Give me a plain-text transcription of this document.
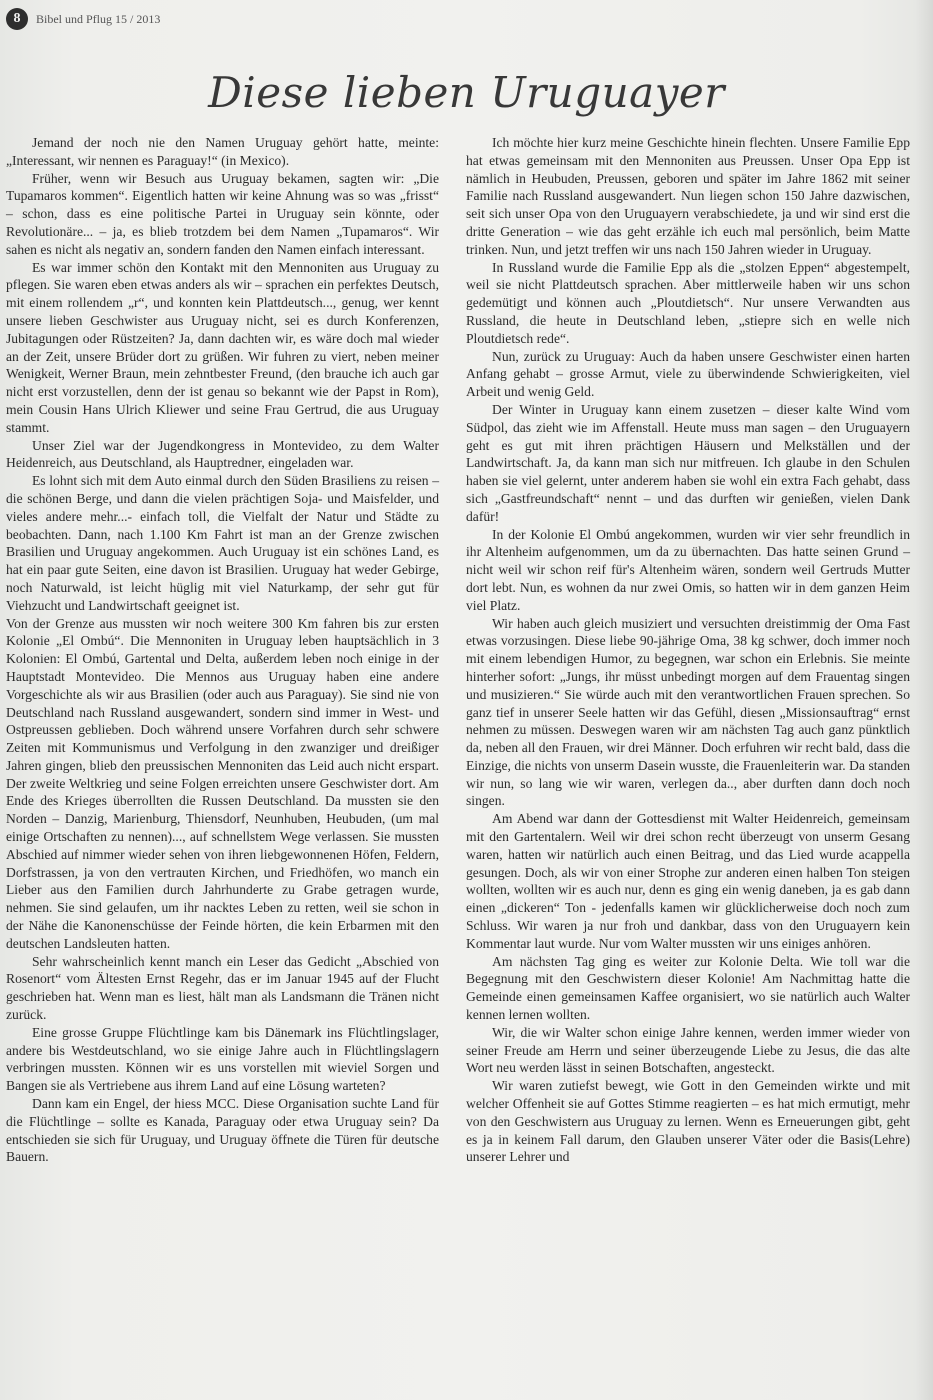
8	Bibel und Pflug 15 / 2013
Diese lieben Uruguayer

Jemand der noch nie den Namen Uruguay gehört hatte, meinte: „Interessant, wir nennen es Paraguay!“ (in Mexico).

Früher, wenn wir Besuch aus Uruguay bekamen, sagten wir: „Die Tupamaros kommen“. Eigentlich hatten wir keine Ahnung was so was „frisst“ – schon, dass es eine politische Partei in Uruguay sein könnte, oder Revolutionäre... – ja, es blieb trotzdem bei dem Namen „Tupamaros“. Wir sahen es nicht als negativ an, sondern fanden den Namen einfach interessant.

Es war immer schön den Kontakt mit den Mennoniten aus Uruguay zu pflegen. Sie waren eben etwas anders als wir – sprachen ein perfektes Deutsch, mit einem rollendem „r“, und konnten kein Plattdeutsch..., genug, wer kennt unsere lieben Geschwister aus Uruguay nicht, sei es durch Konferenzen, Jubitagungen oder Rüstzeiten? Ja, dann dachten wir, es wäre doch mal wieder an der Zeit, unsere Brüder dort zu grüßen. Wir fuhren zu viert, neben meiner Wenigkeit, Werner Braun, mein zehntbester Freund, (den brauche ich auch gar nicht erst vorzustellen, denn der ist genau so bekannt wie der Papst in Rom), mein Cousin Hans Ulrich Kliewer und seine Frau Gertrud, die aus Uruguay stammt.

Unser Ziel war der Jugendkongress in Montevideo, zu dem Walter Heidenreich, aus Deutschland, als Hauptredner, eingeladen war.

Es lohnt sich mit dem Auto einmal durch den Süden Brasiliens zu reisen – die schönen Berge, und dann die vielen prächtigen Soja- und Maisfelder, und vieles andere mehr...- einfach toll, die Vielfalt der Natur und Städte zu beobachten. Dann, nach 1.100 Km Fahrt ist man an der Grenze zwischen Brasilien und Uruguay angekommen. Auch Uruguay ist ein schönes Land, es hat ein paar gute Seiten, eine davon ist Brasilien. Uruguay hat weder Gebirge, noch Naturwald, ist leicht hüglig mit viel Naturkamp, der sehr gut für Viehzucht und Landwirtschaft geeignet ist.

Von der Grenze aus mussten wir noch weitere 300 Km fahren bis zur ersten Kolonie „El Ombú“. Die Mennoniten in Uruguay leben hauptsächlich in 3 Kolonien: El Ombú, Gartental und Delta, außerdem leben noch einige in der Hauptstadt Montevideo. Die Mennos aus Uruguay haben eine andere Vorgeschichte als wir aus Brasilien (oder auch aus Paraguay). Sie sind nie von Deutschland nach Russland ausgewandert, sondern sind immer in West- und Ostpreussen geblieben. Doch während unsere Vorfahren durch sehr schwere Zeiten mit Kommunismus und Verfolgung in den zwanziger und dreißiger Jahren gingen, blieb den preussischen Mennoniten das Leid auch nicht erspart. Der zweite Weltkrieg und seine Folgen erreichten unsere Geschwister dort. Am Ende des Krieges überrollten die Russen Deutschland. Da mussten sie den Norden – Danzig, Marienburg, Thiensdorf, Neunhuben, Heubuden, (um mal einige Ortschaften zu nennen)..., auf schnellstem Wege verlassen. Sie mussten Abschied auf nimmer wieder sehen von ihren liebgewonnenen Höfen, Feldern, Dorfstrassen, ja von den vertrauten Kirchen, und Friedhöfen, wo manch ein Lieber aus den Familien durch Jahrhunderte zu Grabe getragen wurde, nehmen. Sie sind gelaufen, um ihr nacktes Leben zu retten, weil sie schon in der Nähe die Kanonenschüsse der Feinde hörten, die kein Erbarmen mit den deutschen Landsleuten hatten.

Sehr wahrscheinlich kennt manch ein Leser das Gedicht „Abschied von Rosenort“ vom Ältesten Ernst Regehr, das er im Januar 1945 auf der Flucht geschrieben hat. Wenn man es liest, hält man als Landsmann die Tränen nicht zurück.

Eine grosse Gruppe Flüchtlinge kam bis Dänemark ins Flüchtlingslager, andere bis Westdeutschland, wo sie einige Jahre auch in Flüchtlingslagern verbringen mussten. Können wir es uns vorstellen mit wieviel Sorgen und Bangen sie als Vertriebene aus ihrem Land auf eine Lösung warteten?

Dann kam ein Engel, der hiess MCC. Diese Organisation suchte Land für die Flüchtlinge – sollte es Kanada, Paraguay oder etwa Uruguay sein? Da entschieden sie sich für Uruguay, und Uruguay öffnete die Türen für deutsche Bauern.

Ich möchte hier kurz meine Geschichte hinein flechten. Unsere Familie Epp hat etwas gemeinsam mit den Mennoniten aus Preussen. Unser Opa Epp ist nämlich in Heubuden, Preussen, geboren und später im Jahre 1862 mit seiner Familie nach Russland ausgewandert. Nun liegen schon 150 Jahre dazwischen, seit sich unser Opa von den Uruguayern verabschiedete, ja und wir sind erst die dritte Generation – wie das geht erzähle ich euch mal persönlich, beim Matte trinken. Nun, und jetzt treffen wir uns nach 150 Jahren wieder in Uruguay.

In Russland wurde die Familie Epp als die „stolzen Eppen“ abgestempelt, weil sie nicht Plattdeutsch sprachen. Aber mittlerweile haben wir uns schon gedemütigt und können auch „Ploutdietsch“. Nur unsere Verwandten aus Russland, die heute in Deutschland leben, „stiepre sich en welle nich Ploutdietsch rede“.

Nun, zurück zu Uruguay: Auch da haben unsere Geschwister einen harten Anfang gehabt – grosse Armut, viele zu überwindende Schwierigkeiten, viel Arbeit und wenig Geld.

Der Winter in Uruguay kann einem zusetzen – dieser kalte Wind vom Südpol, das zieht wie im Affenstall. Heute muss man sagen – den Uruguayern geht es gut mit ihren prächtigen Häusern und Melkställen und der Landwirtschaft. Ja, da kann man sich nur mitfreuen. Ich glaube in den Schulen haben sie viel gelernt, unter anderem haben sie wohl ein extra Fach gehabt, dass sich „Gastfreundschaft“ nennt – und das durften wir genießen, vielen Dank dafür!

In der Kolonie El Ombú angekommen, wurden wir vier sehr freundlich in ihr Altenheim aufgenommen, um da zu übernachten. Das hatte seinen Grund – nicht weil wir schon reif für's Altenheim wären, sondern weil Gertruds Mutter dort lebt. Nun, es wohnen da nur zwei Omis, so hatten wir in dem ganzen Heim viel Platz.

Wir haben auch gleich musiziert und versuchten dreistimmig der Oma Fast etwas vorzusingen. Diese liebe 90-jährige Oma, 38 kg schwer, doch immer noch mit einem lebendigen Humor, zu begegnen, war schon ein Erlebnis. Sie meinte hinterher sofort: „Jungs, ihr müsst unbedingt morgen auf dem Frauentag singen und musizieren.“ Sie würde auch mit den verantwortlichen Frauen sprechen. So ganz tief in unserer Seele hatten wir das Gefühl, diesen „Missionsauftrag“ ernst nehmen zu müssen. Deswegen waren wir am nächsten Tag auch ganz pünktlich da, neben all den Frauen, wir drei Männer. Doch erfuhren wir recht bald, dass die Einzige, die nichts von unserm Dasein wusste, die Frauenleiterin war. Da standen wir nun, so lang wie wir waren, verlegen da.., aber durften dann doch noch singen.

Am Abend war dann der Gottesdienst mit Walter Heidenreich, gemeinsam mit den Gartentalern. Weil wir drei schon recht überzeugt von unserm Gesang waren, hatten wir natürlich auch einen Beitrag, und das Lied wurde acappella gesungen. Doch, als wir von einer Strophe zur anderen einen halben Ton steigen wollten, wollten wir es auch nur, denn es ging ein wenig daneben, ja es gab dann einen „dickeren“ Ton - jedenfalls kamen wir glücklicherweise doch noch zum Schluss. Wir waren ja nur froh und dankbar, dass von den Uruguayern kein Kommentar laut wurde. Nur vom Walter mussten wir uns einiges anhören.

Am nächsten Tag ging es weiter zur Kolonie Delta. Wie toll war die Begegnung mit den Geschwistern dieser Kolonie! Am Nachmittag hatte die Gemeinde einen gemeinsamen Kaffee organisiert, wo sie natürlich auch Walter kennen lernen wollten.

Wir, die wir Walter schon einige Jahre kennen, werden immer wieder von seiner Freude am Herrn und seiner überzeugende Liebe zu Jesus, die das alte Wort neu werden lässt in seinen Botschaften, angesteckt.

Wir waren zutiefst bewegt, wie Gott in den Gemeinden wirkte und mit welcher Offenheit sie auf Gottes Stimme reagierten – es hat mich ermutigt, mehr von den Geschwistern aus Uruguay zu lernen. Wenn es Erneuerungen gibt, geht es ja in keinem Fall darum, den Glauben unserer Väter oder die Basis(Lehre) unserer Lehrer und
